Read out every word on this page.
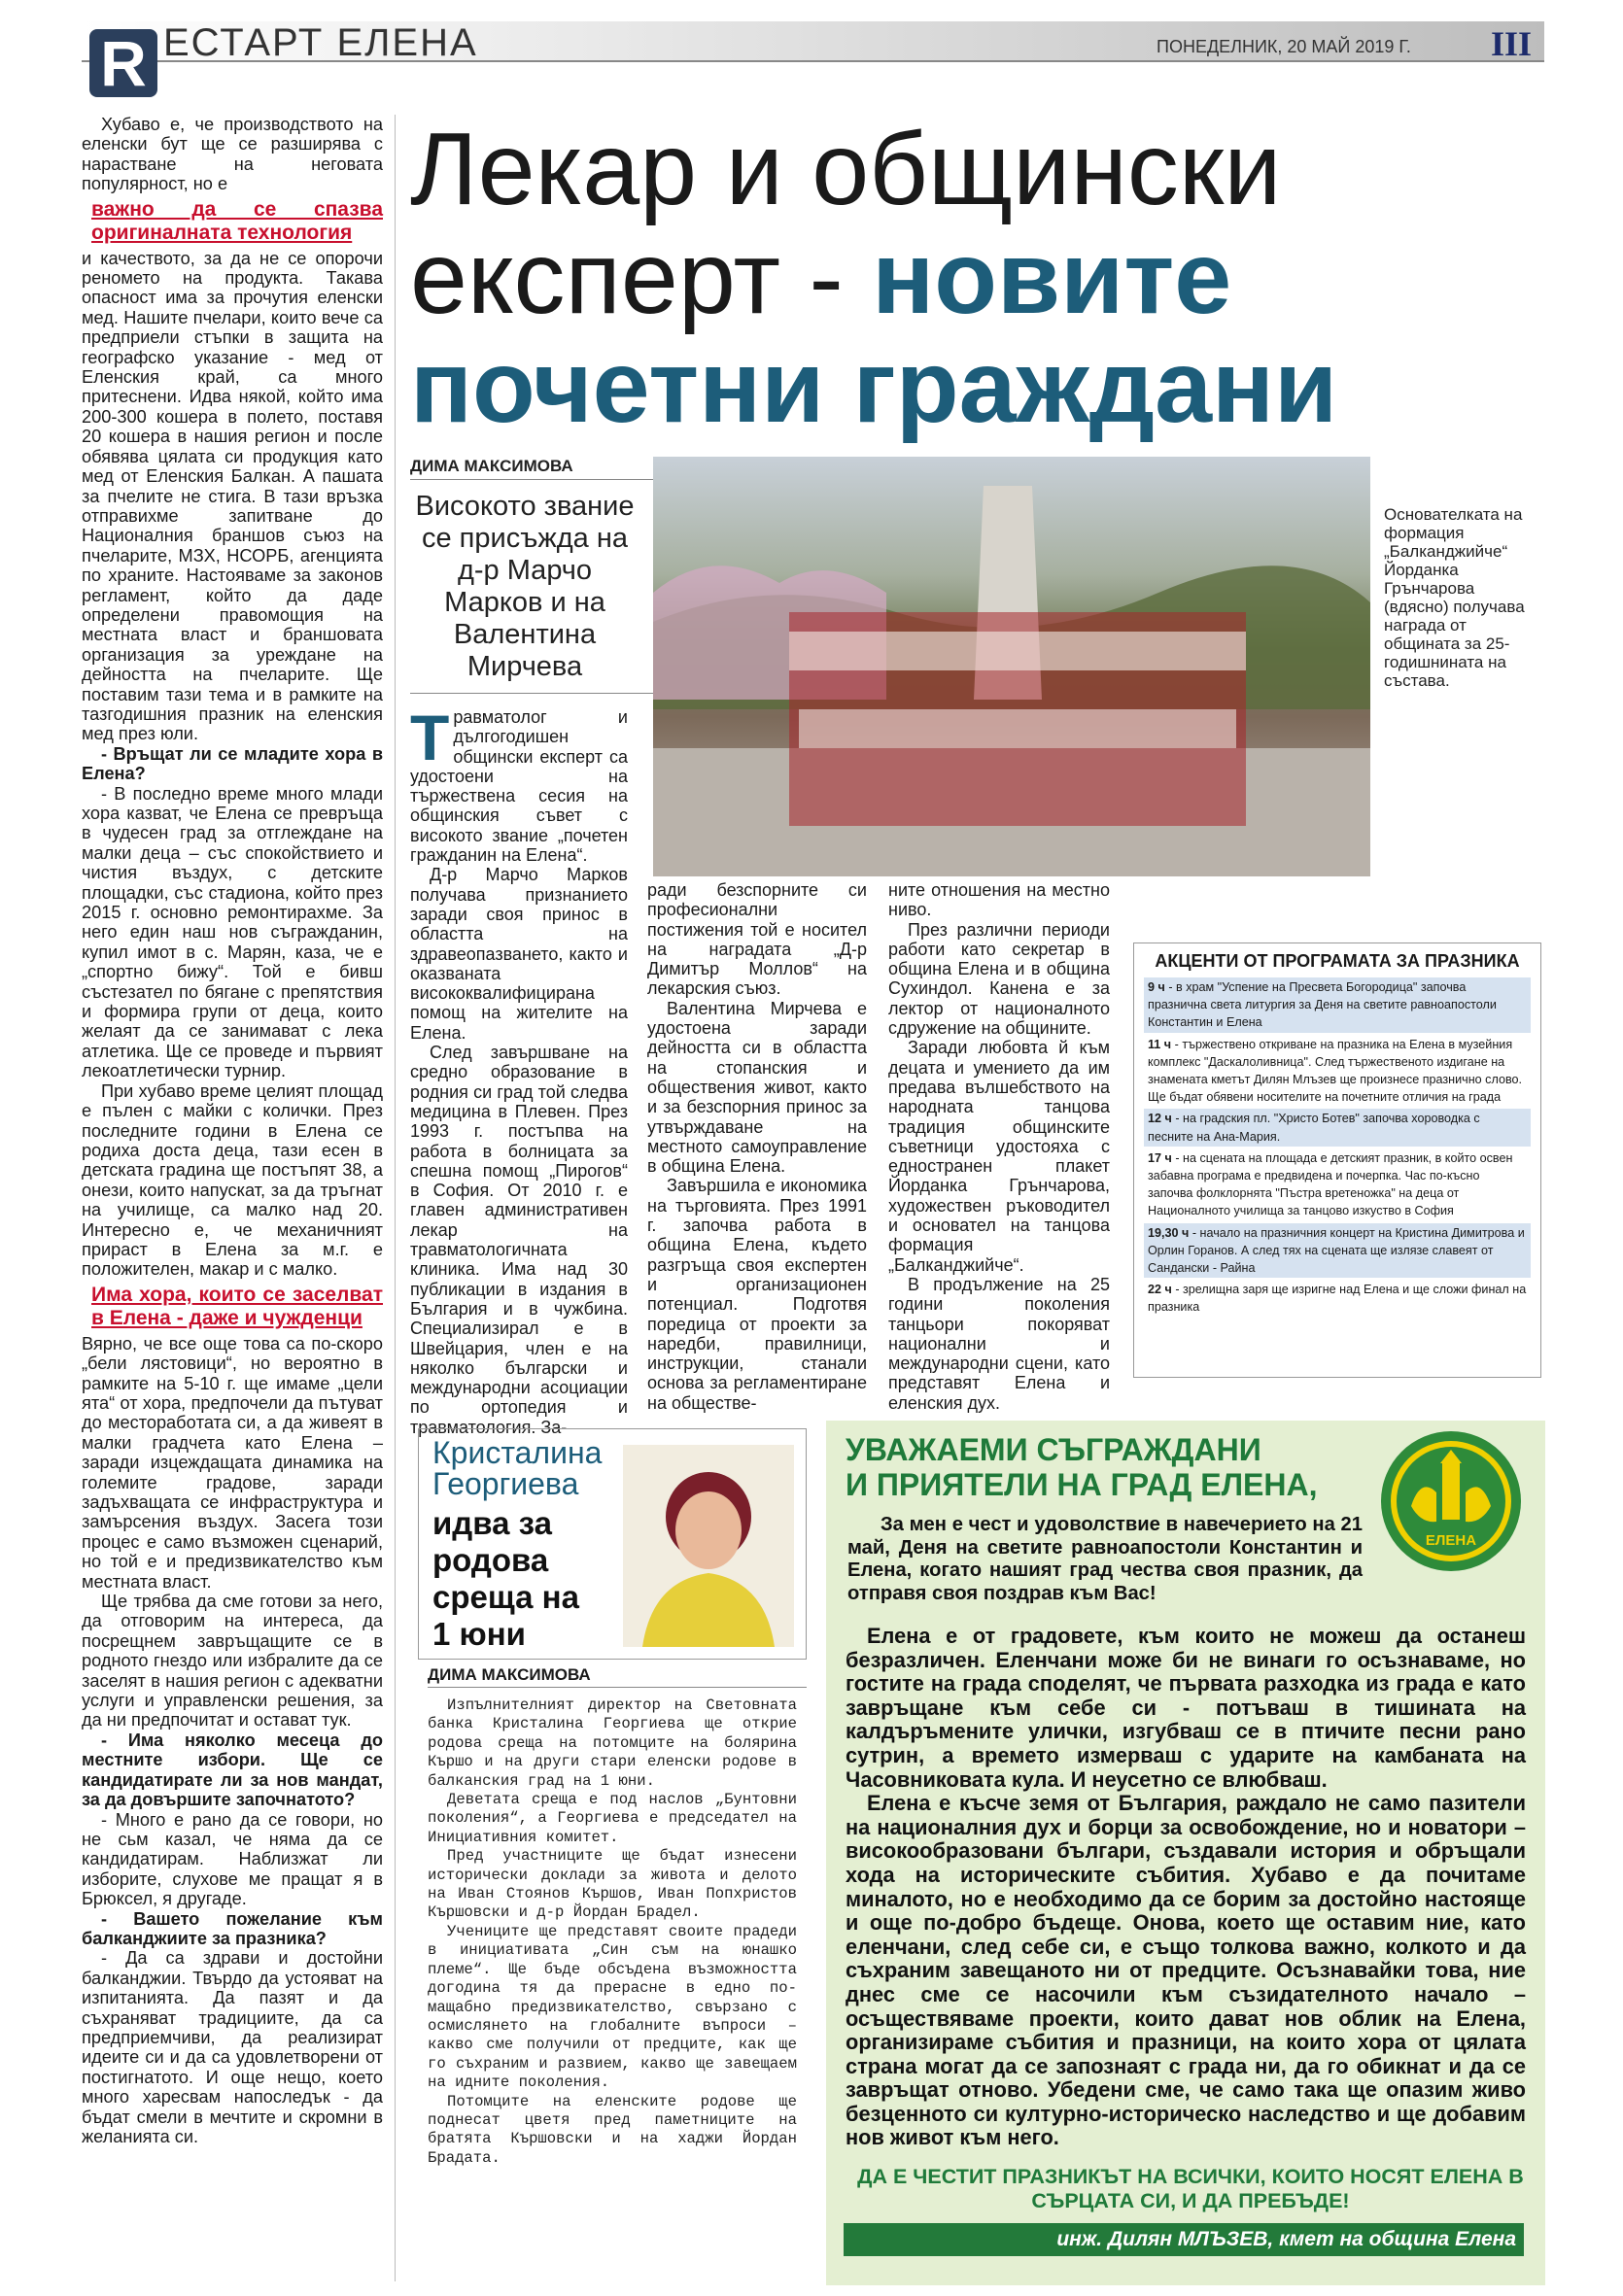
R ЕСТАРТ ЕЛЕНА	ПОНЕДЕЛНИК, 20 МАЙ 2019 Г. III

Хубаво е, че производството на еленски бут ще се разширява с нарастване на неговата популярност, но е

важно да се спазва оригиналната технология

и качеството, за да не се опорочи реномето на продукта. Такава опасност има за прочутия еленски мед. Нашите пчелари, които вече са предприели стъпки в защита на географско указание - мед от Еленския край, са много притеснени. Идва някой, който има 200-300 кошера в полето, поставя 20 кошера в нашия регион и после обявява цялата си продукция като мед от Еленския Балкан. А пашата за пчелите не стига. В тази връзка отправихме запитване до Националния браншов съюз на пчеларите, МЗХ, НСОРБ, агенцията по храните. Настояваме за законов регламент, който да даде определени правомощия на местната власт и браншовата организация за уреждане на дейността на пчеларите. Ще поставим тази тема и в рамките на тазгодишния празник на еленския мед през юли.

- Връщат ли се младите хора в Елена?

- В последно време много млади хора казват, че Елена се превръща в чудесен град за отглеждане на малки деца – със спокойствието и чистия въздух, с детските площадки, със стадиона, който през 2015 г. основно ремонтирахме. За него един наш нов съгражданин, купил имот в с. Марян, каза, че е „спортно бижу“. Той е бивш състезател по бягане с препятствия и формира групи от деца, които желаят да се занимават с лека атлетика. Ще се проведе и първият лекоатлетически турнир.

При хубаво време целият площад е пълен с майки с колички. През последните години в Елена се родиха доста деца, тази есен в детската градина ще постъпят 38, а онези, които напускат, за да тръгнат на училище, са малко над 20. Интересно е, че механичният прираст в Елена за м.г. е положителен, макар и с малко.

Има хора, които се заселват в Елена - даже и чужденци

Вярно, че все още това са по-скоро „бели лястовици“, но вероятно в рамките на 5-10 г. ще имаме „цели ята“ от хора, предпочели да пътуват до месторабoтата си, а да живеят в малки градчета като Елена – заради изцеждащата динамика на големите градове, заради задъхващата се инфраструктура и замърсения въздух. Засега този процес е само възможен сценарий, но той е и предизвикателство към местната власт.

Ще трябва да сме готови за него, да отговорим на интереса, да посрещнем завръщащите се в родното гнездо или избралите да се заселят в нашия регион с адекватни услуги и управленски решения, за да ни предпочитат и остават тук.

- Има няколко месеца до местните избори. Ще се кандидатирате ли за нов мандат, за да довършите започнатото?

- Много е рано да се говори, но не сьм казал, че няма да се кандидатирам. Наблизжат ли изборите, слухове ме пращат я в Брюксел, я другаде.

- Вашето пожелание към балканджиите за празника?

- Да са здрави и достойни балканджии. Твърдо да устояват на изпитанията. Да пазят и да съхраняват традициите, да са предприемчиви, да реализират идеите си и да са удовлетворени от постигнатото. И още нещо, което много харесвам напоследък - да бъдат смели в мечтите и скромни в желанията си.

Лекар и общински експерт - новите почетни граждани
ДИМА МАКСИМОВА
Високото звание се присъжда на д-р Марчо Марков и на Валентина Мирчева
Основателката на формация „Балканджийче“ Йорданка Грънчарова (вдясно) получава награда от общината за 25-годишнината на състава.

Травматолог и дългогодишен общински експерт са удостоени на тържествена сесия на общинския съвет с високото звание „почетен гражданин на Елена“.

Д-р Марчо Марков получава признанието заради своя принос в областта на здравеопазването, както и оказваната висококвалифицирана помощ на жителите на Елена.

След завършване на средно образование в родния си град той следва медицина в Плевен. През 1993 г. постъпва на работа в болницата за спешна помощ „Пирогов“ в София. От 2010 г. е главен административен лекар на травматологичната клиника. Има над 30 публикации в издания в България и в чужбина. Специализирал е в Швейцария, член е на няколко български и международни асоциации по ортопедия и травматология. За-

ради безспорните си професионални постижения той е носител на наградата „Д-р Димитър Моллов“ на лекарския съюз.

Валентина Мирчева е удостоена заради дейността си в областта на стопанския и обществения живот, както и за безспорния принос за утвърждаване на местното самоуправление в община Елена.

Завършила е икономика на търговията. През 1991 г. започва работа в община Елена, където разгръща своя експертен и организационен потенциал. Подготвя поредица от проекти за наредби, правилници, инструкции, станали основа за регламентиране на обществе-

ните отношения на местно ниво.

През различни периоди работи като секретар в община Елена и в община Сухиндол. Канена е за лектор от националното сдружение на общините.

Заради любовта й към децата и умението да им предава вълшебството на народната танцова традиция общинските съветници удостояха с едностранен плакет Йорданка Грънчарова, художествен ръководител и основател на танцова формация „Балканджийче“.

В продължение на 25 години поколения танцьори покоряват национални и международни сцени, като представят Елена и еленския дух.

АКЦЕНТИ ОТ ПРОГРАМАТА ЗА ПРАЗНИКА
9 ч - в храм "Успение на Пресвета Богородица" започва празнична света литургия за Деня на светите равноапостоли Константин и Елена
11 ч - тържествено откриване на празника на Елена в музейния комплекс "Даскалоливница". След тържественото издигане на знамената кметът Дилян Млъзев ще произнесе празнично слово. Ще бъдат обявени носителите на почетните отличия на града
12 ч - на градския пл. "Христо Ботев" започва хороводка с песните на Ана-Мария.
17 ч - на сцената на площада е детският празник, в който освен забавна програма е предвидена и почерпка. Час по-късно започва фолклорнята "Пъстра вретеножка" на деца от Националното училища за танцово изкуство в София
19,30 ч - начало на празничния концерт на Кристина Димитрова и Орлин Горанов. А след тях на сцената ще излязе славеят от Сандански - Райна
22 ч - зрелищна заря ще изригне над Елена и ще сложи финал на празника
Кристалина Георгиева
идва за родова среща на 1 юни
ДИМА МАКСИМОВА

Изпълнителният директор на Световната банка Кристалина Георгиева ще открие родова среща на потомците на болярина Кършо и на други стари еленски родове в балканския град на 1 юни.

Деветата среща е под наслов „Бунтовни поколения“, а Георгиева е председател на Инициативния комитет.

Пред участниците ще бъдат изнесени исторически доклади за живота и делото на Иван Стоянов Кършов, Иван Попхристов Кършовски и д-р Йордан Брадел.

Учениците ще представят своите прадеди в инициативата „Син съм на юнашко племе“. Ще бъде обсъдена възможността догодина тя да прерасне в едно по-мащабно предизвикателство, свързано с осмислянето на глобалните въпроси – какво сме получили от предците, как ще го съхраним и развием, какво ще завещаем на идните поколения.

Потомците на еленските родове ще поднесат цветя пред паметниците на братята Кършовски и на хаджи Йордан Брадата.

УВАЖАЕМИ СЪГРАЖДАНИ
И ПРИЯТЕЛИ НА ГРАД ЕЛЕНА,
ЕЛЕНА
За мен е чест и удоволствие в навечерието на 21 май, Деня на светите равноапостоли Константин и Елена, когато нашият град чества своя празник, да отправя своя поздрав към Вас!

Елена е от градовете, към които не можеш да останеш безразличен. Еленчани може би не винаги го осъзнаваме, но гостите на града споделят, че първата разходка из града е като завръщане към себе си - потъваш в тишината на калдъръмените улички, изгубваш се в птичите песни рано сутрин, а времето измерваш с ударите на камбаната на Часовниковата кула. И неусетно се влюбваш.

Елена е късче земя от България, раждало не само пазители на националния дух и борци за освобождение, но и новатори – високообразовани българи, създавали история и обръщали хода на историческите събития. Хубаво е да почитаме миналото, но е необходимо да се борим за достойно настояще и още по-добро бъдеще. Онова, което ще оставим ние, като еленчани, след себе си, е също толкова важно, колкото и да съхраним завещаното ни от предците. Осъзнавайки това, ние днес сме се насочили към съзидателното начало – осъществяваме проекти, които дават нов облик на Елена, организираме събития и празници, на които хора от цялата страна могат да се запознаят с града ни, да го обикнат и да се завръщат отново. Убедени сме, че само така ще опазим живо безценното си културно-историческо наследство и ще добавим нов живот към него.

ДА Е ЧЕСТИТ ПРАЗНИКЪТ НА ВСИЧКИ, КОИТО НОСЯТ ЕЛЕНА В СЪРЦАТА СИ, И ДА ПРЕБЪДЕ!
инж. Дилян МЛЪЗЕВ, кмет на община Елена
